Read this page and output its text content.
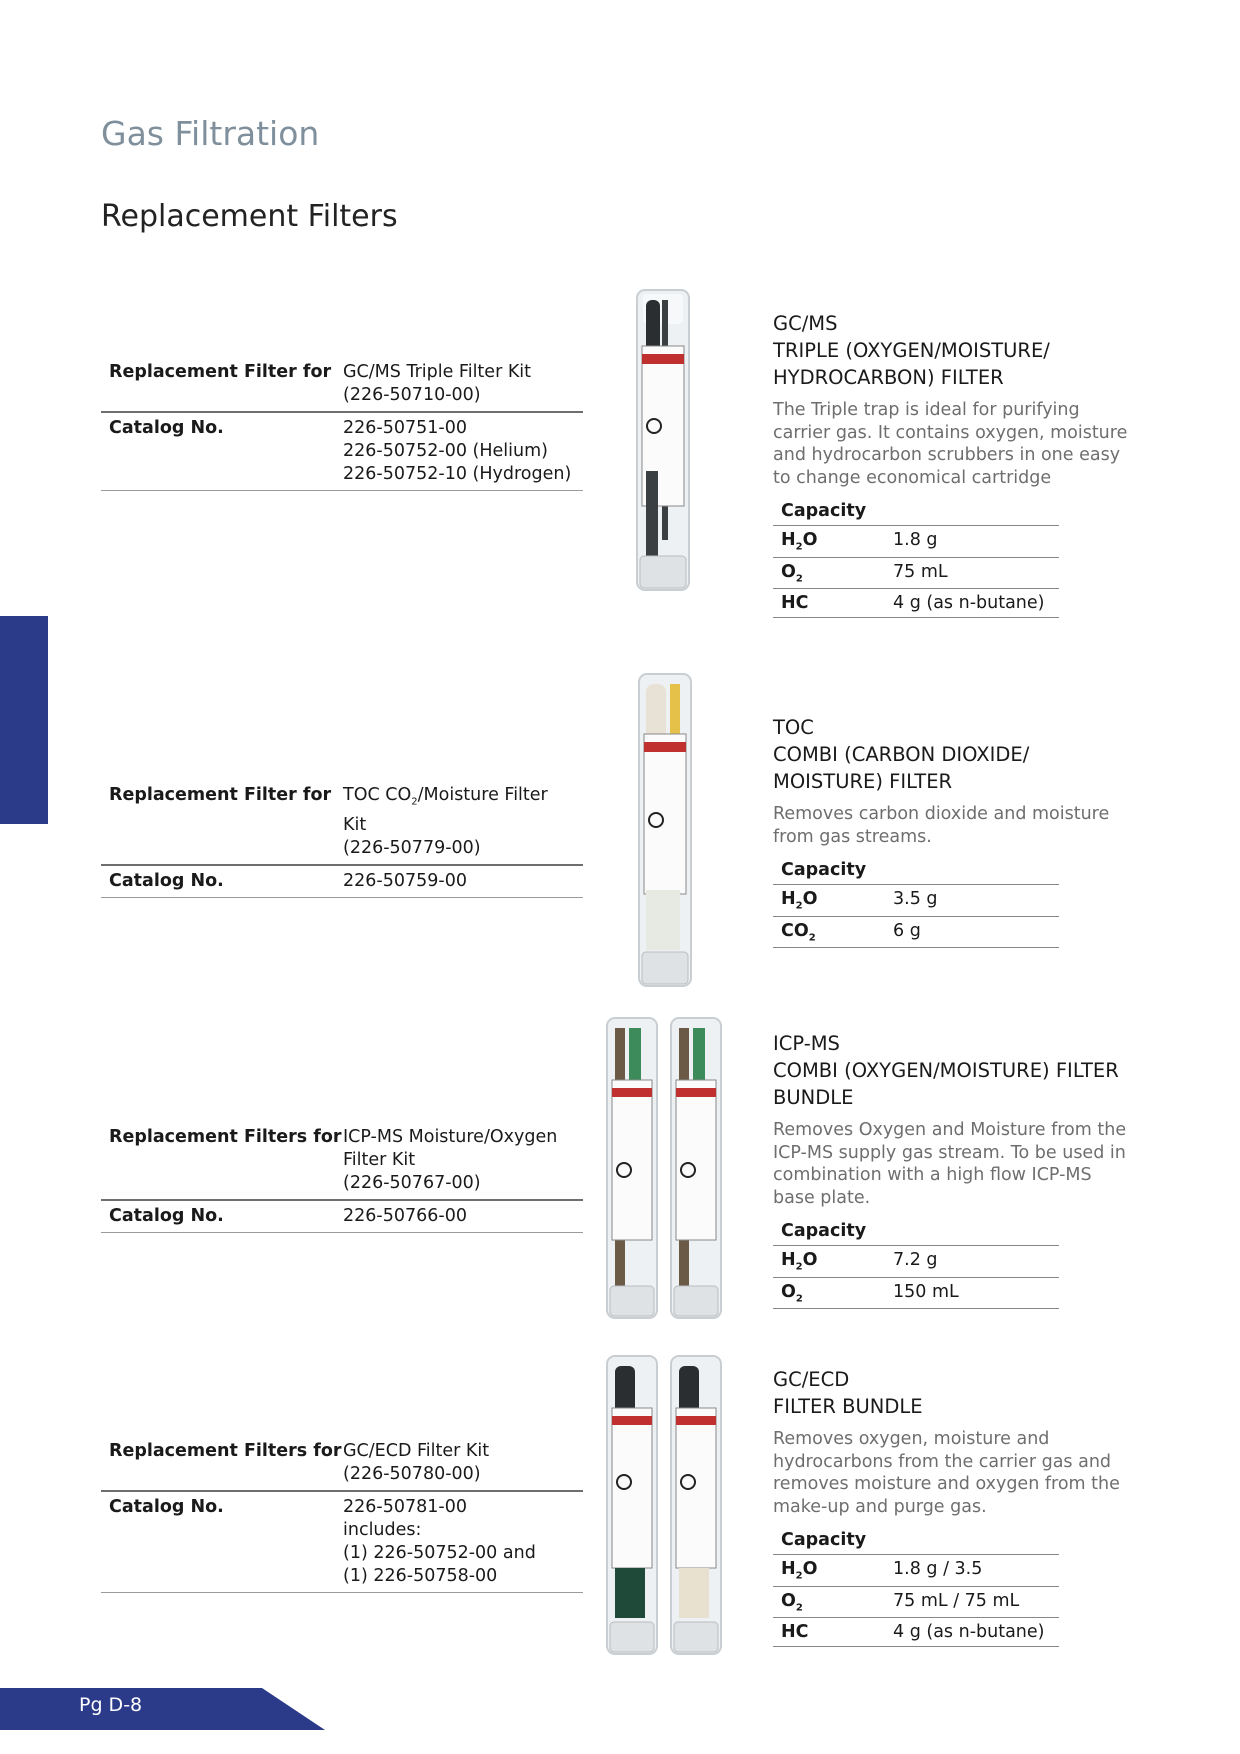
Gas Filtration
Replacement Filters
Replacement Filter for GC/MS Triple Filter Kit
(226-50710-00)
Catalog No.	226-50751-00
226-50752-00 (Helium)
226-50752-10 (Hydrogen)
GC/MS
TRIPLE (OXYGEN/MOISTURE/
HYDROCARBON) FILTER
The Triple trap is ideal for purifying carrier gas. It contains oxygen, moisture and hydrocarbon scrubbers in one easy to change economical cartridge
Capacity
$H_2O$	1.8 g
$O_2$	75 mL
HC	4 g (as n-butane)
Replacement Filter for TOC $CO_2$/Moisture Filter
Kit
(226-50779-00)
Catalog No.	226-50759-00
TOC
COMBI (CARBON DIOXIDE/
MOISTURE) FILTER
Removes carbon dioxide and moisture from gas streams.
Capacity
$H_2O$	3.5 g
$CO_2$	6 g
Replacement Filters for ICP-MS Moisture/Oxygen
Filter Kit
(226-50767-00)
Catalog No.	226-50766-00
ICP-MS
COMBI (OXYGEN/MOISTURE) FILTER
BUNDLE
Removes Oxygen and Moisture from the ICP-MS supply gas stream. To be used in combination with a high flow ICP-MS base plate.
Capacity
$H_2O$	7.2 g
$O_2$	150 mL
Replacement Filters for GC/ECD Filter Kit
(226-50780-00)
Catalog No.	226-50781-00
includes:
(1) 226-50752-00 and
(1) 226-50758-00
GC/ECD
FILTER BUNDLE
Removes oxygen, moisture and hydrocarbons from the carrier gas and removes moisture and oxygen from the make-up and purge gas.
Capacity
$H_2O$	1.8 g / 3.5
$O_2$	75 mL / 75 mL
HC	4 g (as n-butane)
Pg D-8
